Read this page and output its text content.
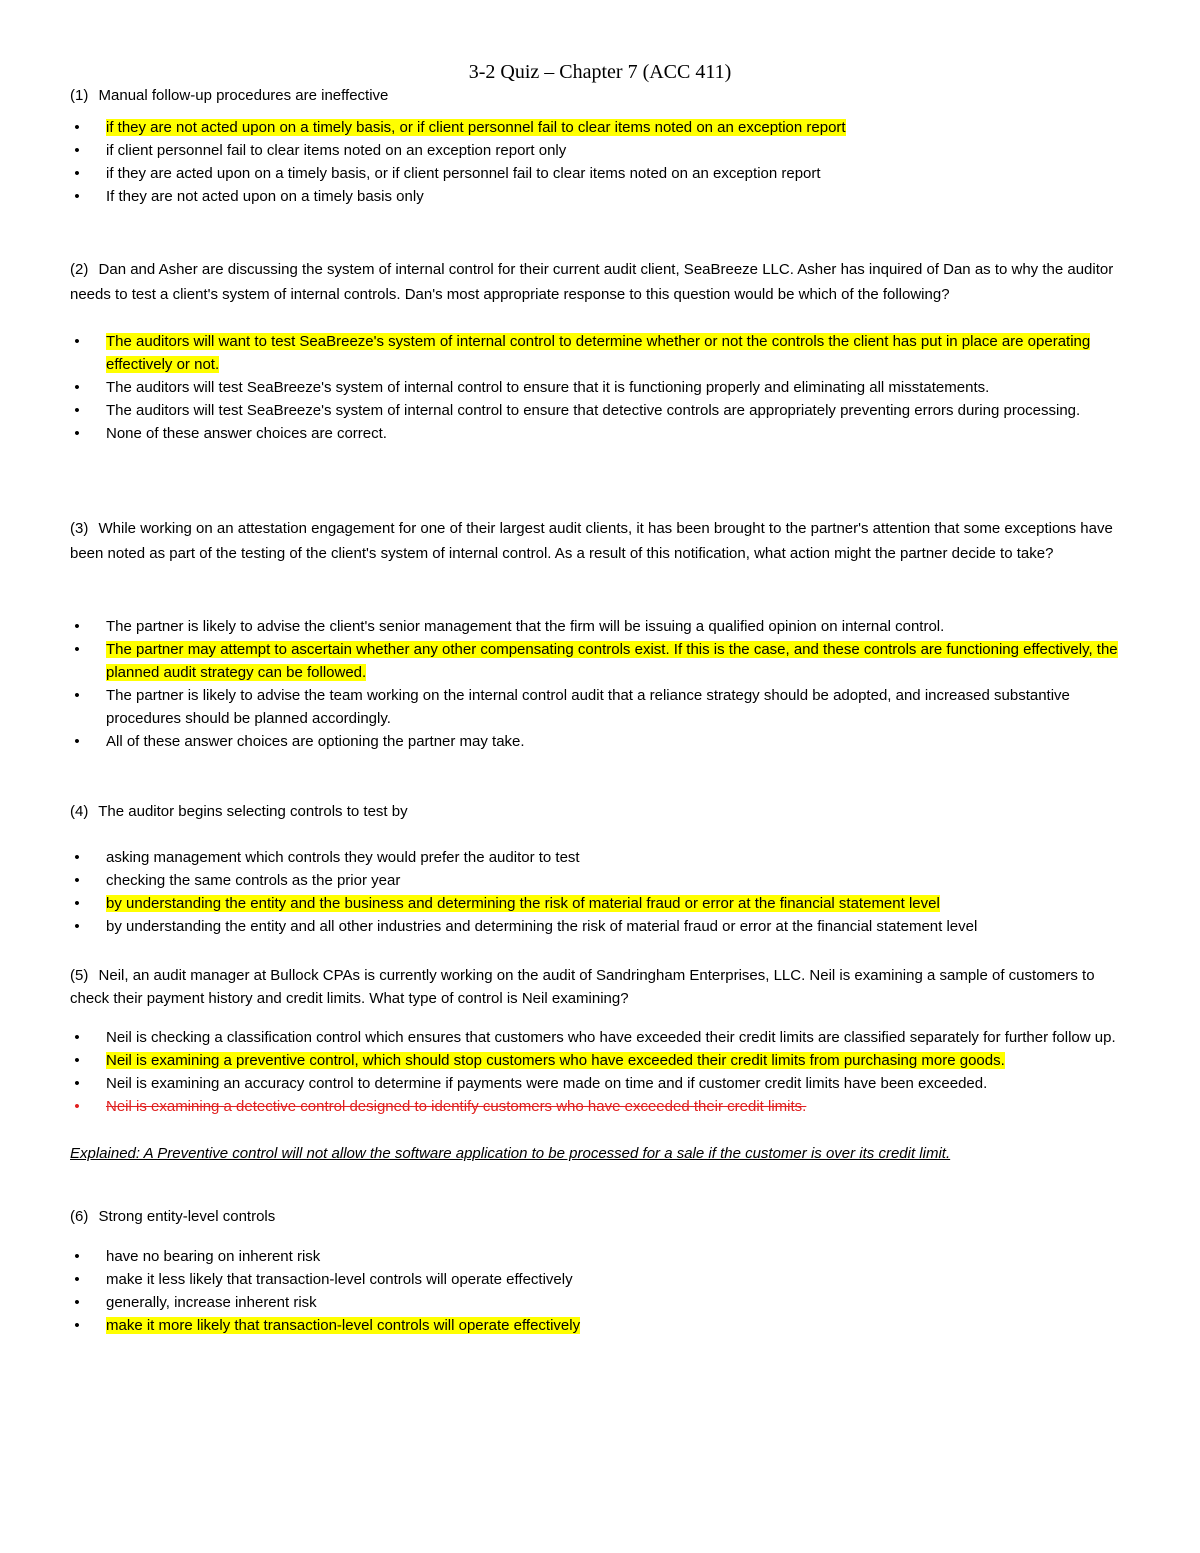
3-2 Quiz – Chapter 7 (ACC 411)

(1) Manual follow-up procedures are ineffective

• if they are not acted upon on a timely basis, or if client personnel fail to clear items noted on an exception report
• if client personnel fail to clear items noted on an exception report only
• if they are acted upon on a timely basis, or if client personnel fail to clear items noted on an exception report
• If they are not acted upon on a timely basis only

(2) Dan and Asher are discussing the system of internal control for their current audit client, SeaBreeze LLC. Asher has inquired of Dan as to why the auditor needs to test a client's system of internal controls. Dan's most appropriate response to this question would be which of the following?

• The auditors will want to test SeaBreeze's system of internal control to determine whether or not the controls the client has put in place are operating effectively or not.
• The auditors will test SeaBreeze's system of internal control to ensure that it is functioning properly and eliminating all misstatements.
• The auditors will test SeaBreeze's system of internal control to ensure that detective controls are appropriately preventing errors during processing.
• None of these answer choices are correct.

(3) While working on an attestation engagement for one of their largest audit clients, it has been brought to the partner's attention that some exceptions have been noted as part of the testing of the client's system of internal control. As a result of this notification, what action might the partner decide to take?

• The partner is likely to advise the client's senior management that the firm will be issuing a qualified opinion on internal control.
• The partner may attempt to ascertain whether any other compensating controls exist. If this is the case, and these controls are functioning effectively, the planned audit strategy can be followed.
• The partner is likely to advise the team working on the internal control audit that a reliance strategy should be adopted, and increased substantive procedures should be planned accordingly.
• All of these answer choices are optioning the partner may take.

(4) The auditor begins selecting controls to test by

• asking management which controls they would prefer the auditor to test
• checking the same controls as the prior year
• by understanding the entity and the business and determining the risk of material fraud or error at the financial statement level
• by understanding the entity and all other industries and determining the risk of material fraud or error at the financial statement level

(5) Neil, an audit manager at Bullock CPAs is currently working on the audit of Sandringham Enterprises, LLC. Neil is examining a sample of customers to check their payment history and credit limits. What type of control is Neil examining?

• Neil is checking a classification control which ensures that customers who have exceeded their credit limits are classified separately for further follow up.
• Neil is examining a preventive control, which should stop customers who have exceeded their credit limits from purchasing more goods.
• Neil is examining an accuracy control to determine if payments were made on time and if customer credit limits have been exceeded.
• Neil is examining a detective control designed to identify customers who have exceeded their credit limits.
Explained: A Preventive control will not allow the software application to be processed for a sale if the customer is over its credit limit.

(6) Strong entity-level controls

• have no bearing on inherent risk
• make it less likely that transaction-level controls will operate effectively
• generally, increase inherent risk
• make it more likely that transaction-level controls will operate effectively
